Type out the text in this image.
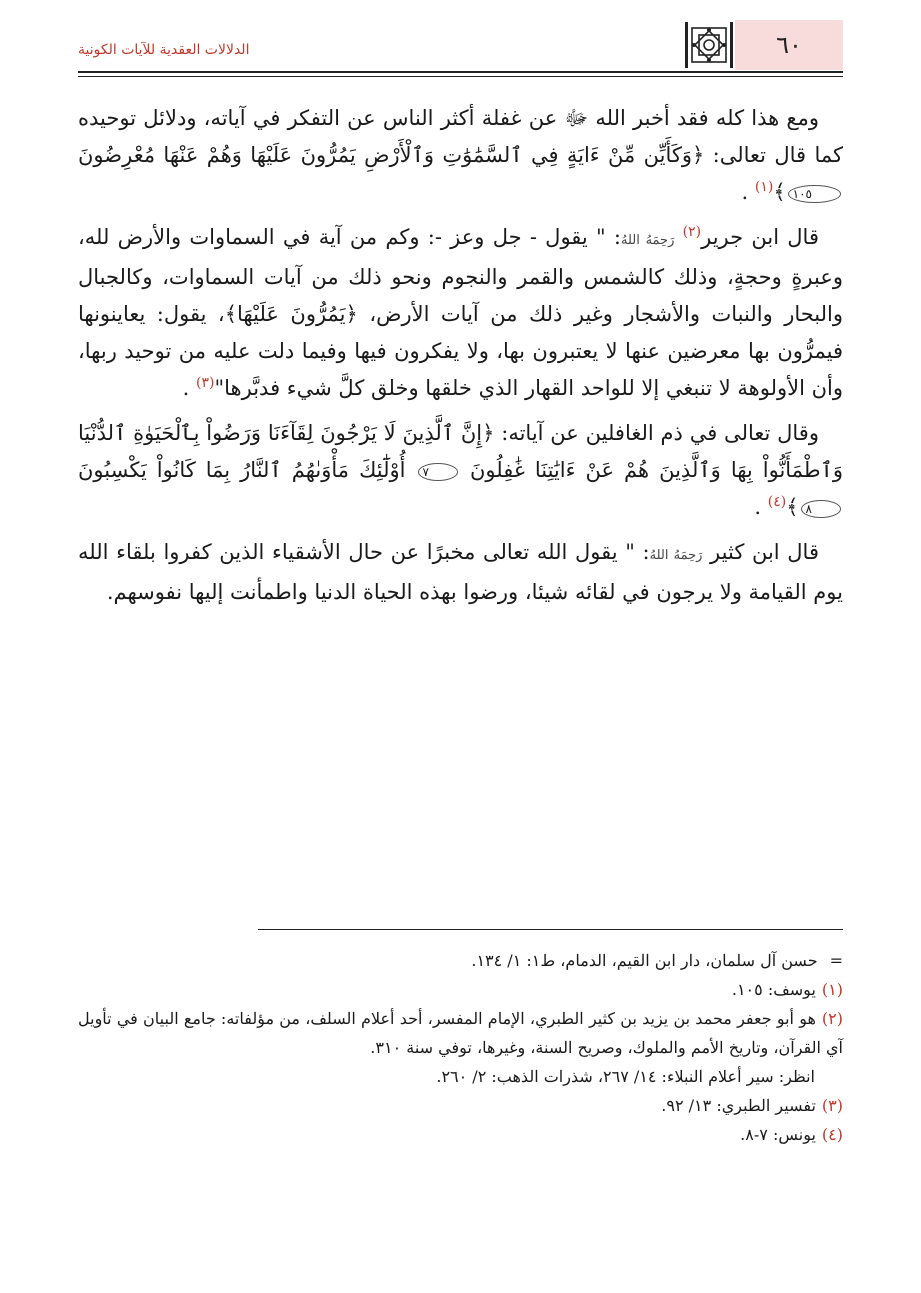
٦٠
الدلالات العقدية للآيات الكونية

ومع هذا كله فقد أخبر الله ﷻ عن غفلة أكثر الناس عن التفكر في آياته، ودلائل توحيده كما قال تعالى: ﴿وَكَأَيِّن مِّنْ ءَايَةٍ فِي ٱلسَّمَٰوَٰتِ وَٱلْأَرْضِ يَمُرُّونَ عَلَيْهَا وَهُمْ عَنْهَا مُعْرِضُونَ ١٠٥﴾$^{(١)}$ .

قال ابن جرير$^{(٢)}$ رَحِمَهُ اللهُ: " يقول - جل وعز -: وكم من آية في السماوات والأرض لله، وعبرةٍ وحجةٍ، وذلك كالشمس والقمر والنجوم ونحو ذلك من آيات السماوات، وكالجبال والبحار والنبات والأشجار وغير ذلك من آيات الأرض، ﴿يَمُرُّونَ عَلَيْهَا﴾، يقول: يعاينونها فيمرُّون بها معرضين عنها لا يعتبرون بها، ولا يفكرون فيها وفيما دلت عليه من توحيد ربها، وأن الأولوهة لا تنبغي إلا للواحد القهار الذي خلقها وخلق كلَّ شيء فدبَّرها"$^{(٣)}$ .

وقال تعالى في ذم الغافلين عن آياته: ﴿إِنَّ ٱلَّذِينَ لَا يَرْجُونَ لِقَآءَنَا وَرَضُواْ بِٱلْحَيَوٰةِ ٱلدُّنْيَا وَٱطْمَأَنُّواْ بِهَا وَٱلَّذِينَ هُمْ عَنْ ءَايَٰتِنَا غَٰفِلُونَ ٧ أُوْلَٰٓئِكَ مَأْوَىٰهُمُ ٱلنَّارُ بِمَا كَانُواْ يَكْسِبُونَ ٨﴾$^{(٤)}$ .

قال ابن كثير رَحِمَهُ اللهُ: " يقول الله تعالى مخبرًا عن حال الأشقياء الذين كفروا بلقاء الله يوم القيامة ولا يرجون في لقائه شيئا، ورضوا بهذه الحياة الدنيا واطمأنت إليها نفوسهم.

=حسن آل سلمان، دار ابن القيم، الدمام، ط١: ١/ ١٣٤.

(١)يوسف: ١٠٥.

(٢)هو أبو جعفر محمد بن يزيد بن كثير الطبري، الإمام المفسر، أحد أعلام السلف، من مؤلفاته: جامع البيان في تأويل آي القرآن، وتاريخ الأمم والملوك، وصريح السنة، وغيرها، توفي سنة ٣١٠.

انظر: سير أعلام النبلاء: ١٤/ ٢٦٧، شذرات الذهب: ٢/ ٢٦٠.

(٣)تفسير الطبري: ١٣/ ٩٢.

(٤)يونس: ٧-٨.
